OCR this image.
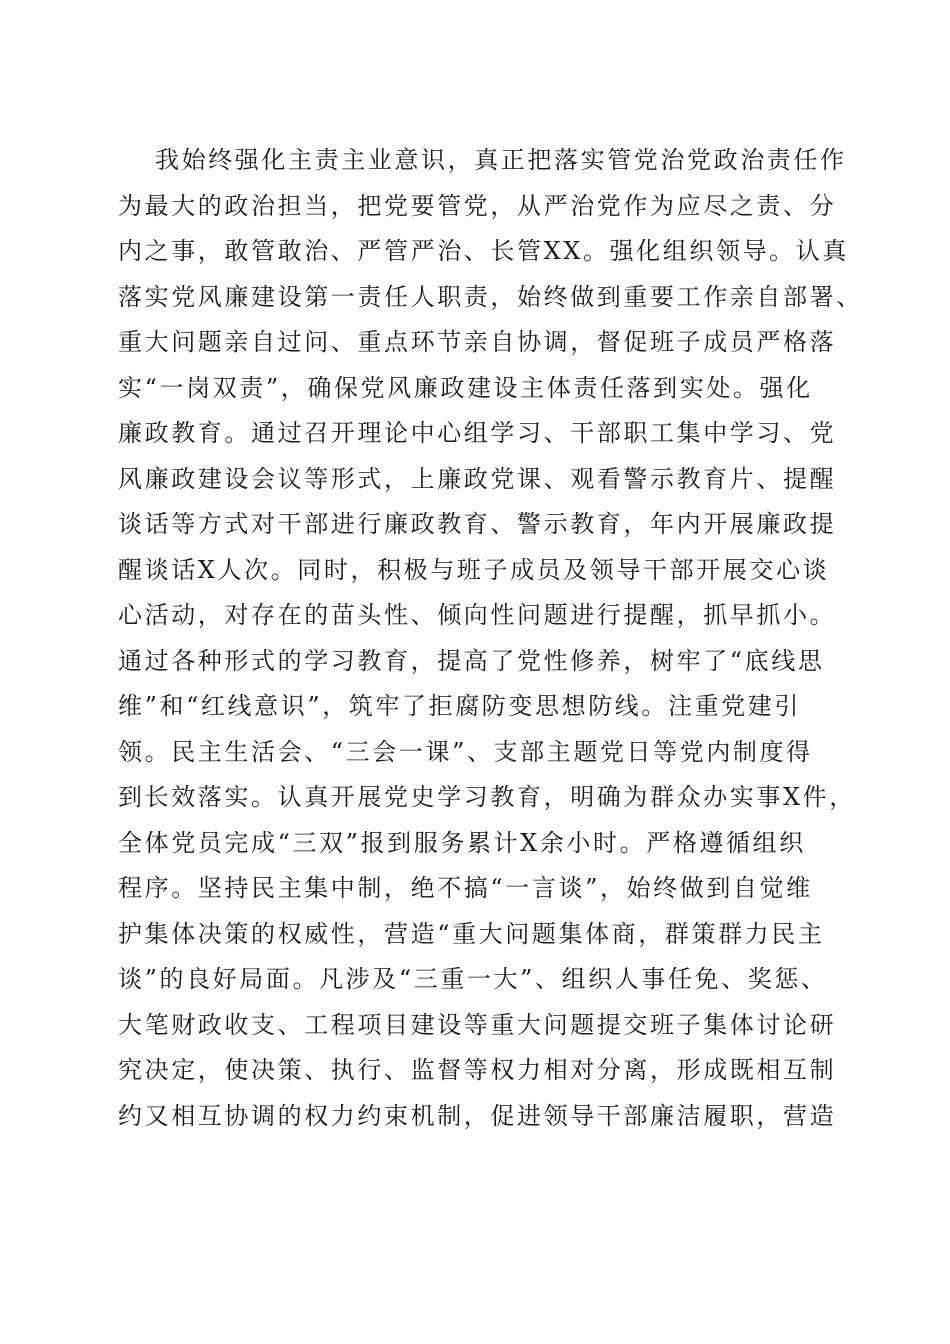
我始终强化主责主业意识，真正把落实管党治党政治责任作
为最大的政治担当，把党要管党，从严治党作为应尽之责、分
内之事，敢管敢治、严管严治、长管XX。强化组织领导。认真
落实党风廉建设第一责任人职责，始终做到重要工作亲自部署、
重大问题亲自过问、重点环节亲自协调，督促班子成员严格落
实“一岗双责”，确保党风廉政建设主体责任落到实处。强化
廉政教育。通过召开理论中心组学习、干部职工集中学习、党
风廉政建设会议等形式，上廉政党课、观看警示教育片、提醒
谈话等方式对干部进行廉政教育、警示教育，年内开展廉政提
醒谈话X人次。同时，积极与班子成员及领导干部开展交心谈
心活动，对存在的苗头性、倾向性问题进行提醒，抓早抓小。
通过各种形式的学习教育，提高了党性修养，树牢了“底线思
维”和“红线意识”，筑牢了拒腐防变思想防线。注重党建引
领。民主生活会、“三会一课”、支部主题党日等党内制度得
到长效落实。认真开展党史学习教育，明确为群众办实事X件，
全体党员完成“三双”报到服务累计X余小时。严格遵循组织
程序。坚持民主集中制，绝不搞“一言谈”，始终做到自觉维
护集体决策的权威性，营造“重大问题集体商，群策群力民主
谈”的良好局面。凡涉及“三重一大”、组织人事任免、奖惩、
大笔财政收支、工程项目建设等重大问题提交班子集体讨论研
究决定，使决策、执行、监督等权力相对分离，形成既相互制
约又相互协调的权力约束机制，促进领导干部廉洁履职，营造
